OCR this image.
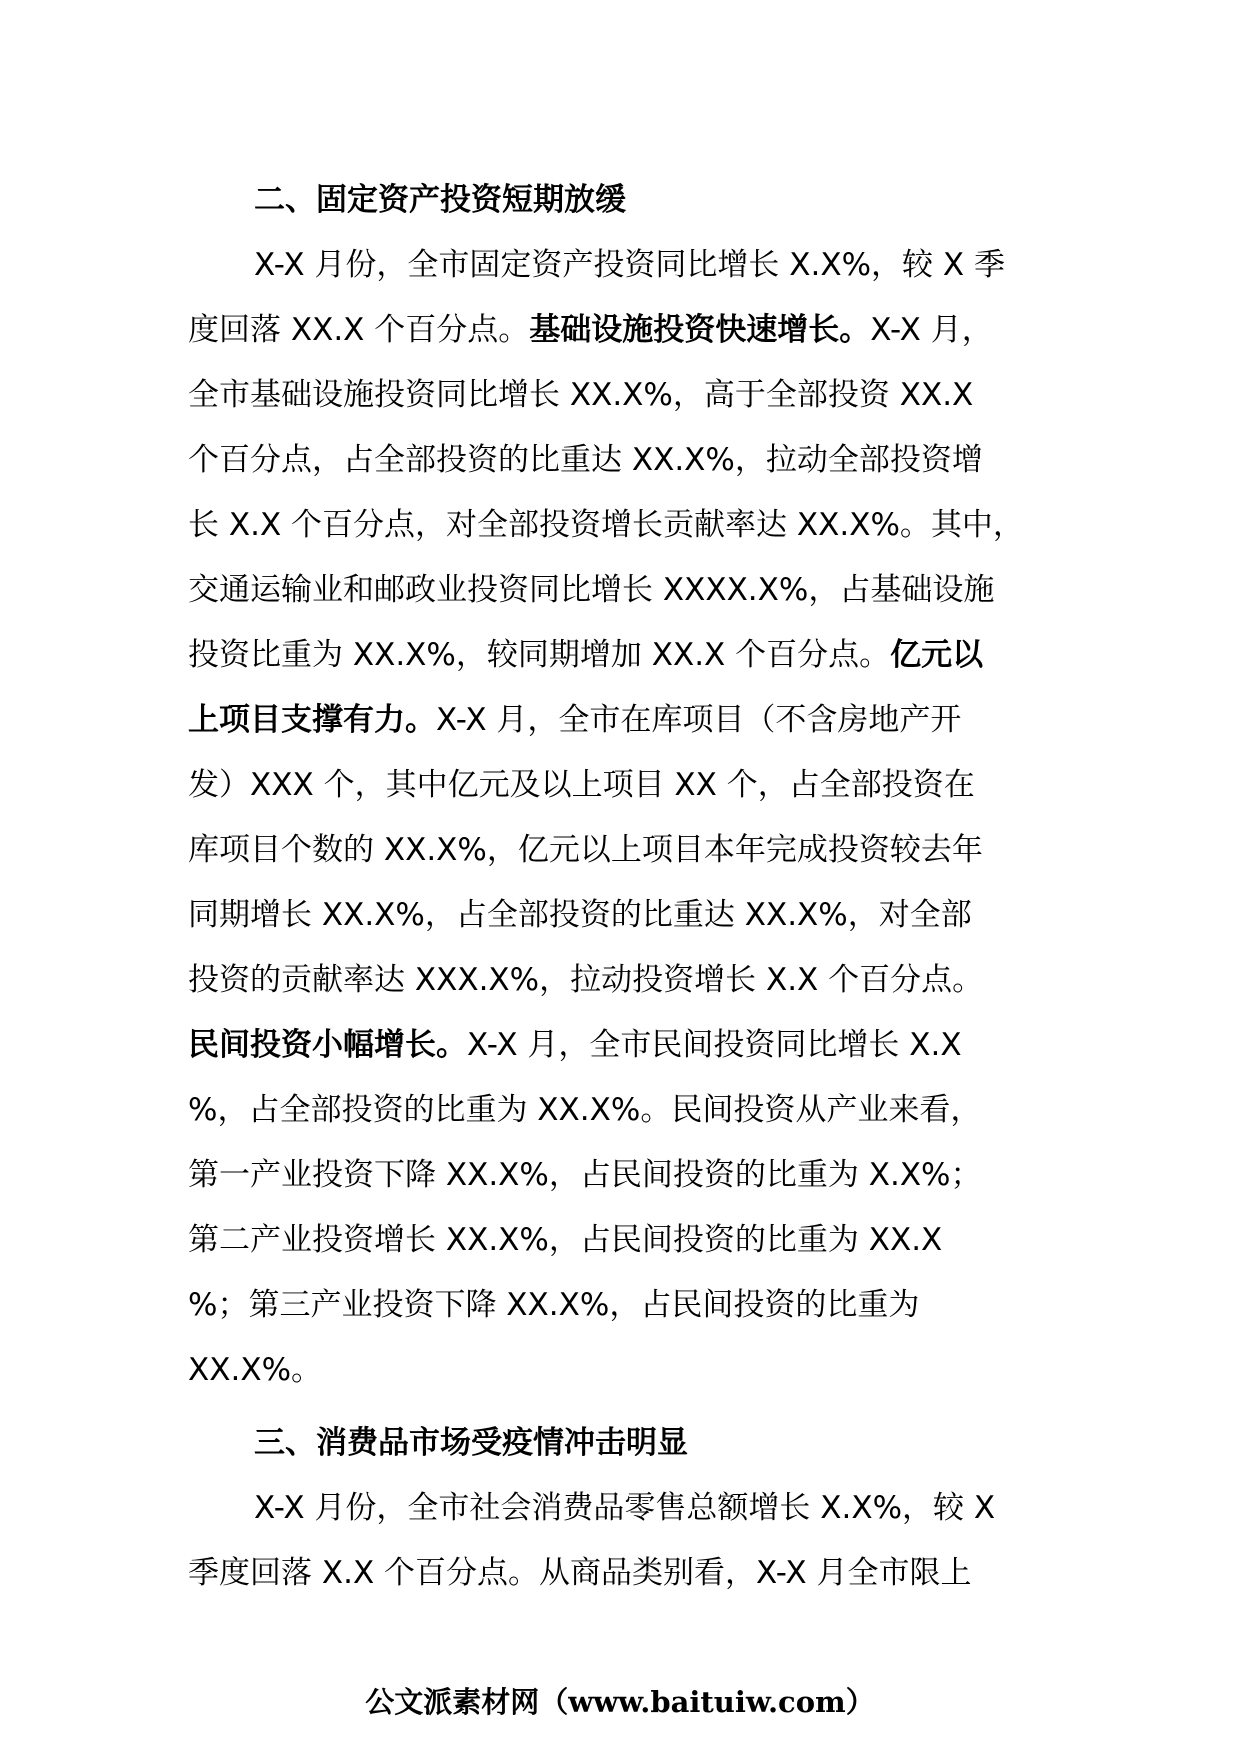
二、固定资产投资短期放缓
X-X 月份，全市固定资产投资同比增长 X.X%，较 X 季
度回落 XX.X 个百分点。基础设施投资快速增长。X-X 月，
全市基础设施投资同比增长 XX.X%，高于全部投资 XX.X
个百分点，占全部投资的比重达 XX.X%，拉动全部投资增
长 X.X 个百分点，对全部投资增长贡献率达 XX.X%。其中，
交通运输业和邮政业投资同比增长 XXXX.X%，占基础设施
投资比重为 XX.X%，较同期增加 XX.X 个百分点。亿元以
上项目支撑有力。X-X 月，全市在库项目（不含房地产开
发）XXX 个，其中亿元及以上项目 XX 个，占全部投资在
库项目个数的 XX.X%，亿元以上项目本年完成投资较去年
同期增长 XX.X%，占全部投资的比重达 XX.X%，对全部
投资的贡献率达 XXX.X%，拉动投资增长 X.X 个百分点。
民间投资小幅增长。X-X 月，全市民间投资同比增长 X.X
%，占全部投资的比重为 XX.X%。民间投资从产业来看，
第一产业投资下降 XX.X%，占民间投资的比重为 X.X%；
第二产业投资增长 XX.X%，占民间投资的比重为 XX.X
%；第三产业投资下降 XX.X%，占民间投资的比重为
XX.X%。
三、消费品市场受疫情冲击明显
X-X 月份，全市社会消费品零售总额增长 X.X%，较 X
季度回落 X.X 个百分点。从商品类别看，X-X 月全市限上
公文派素材网（www.baituiw.com）
